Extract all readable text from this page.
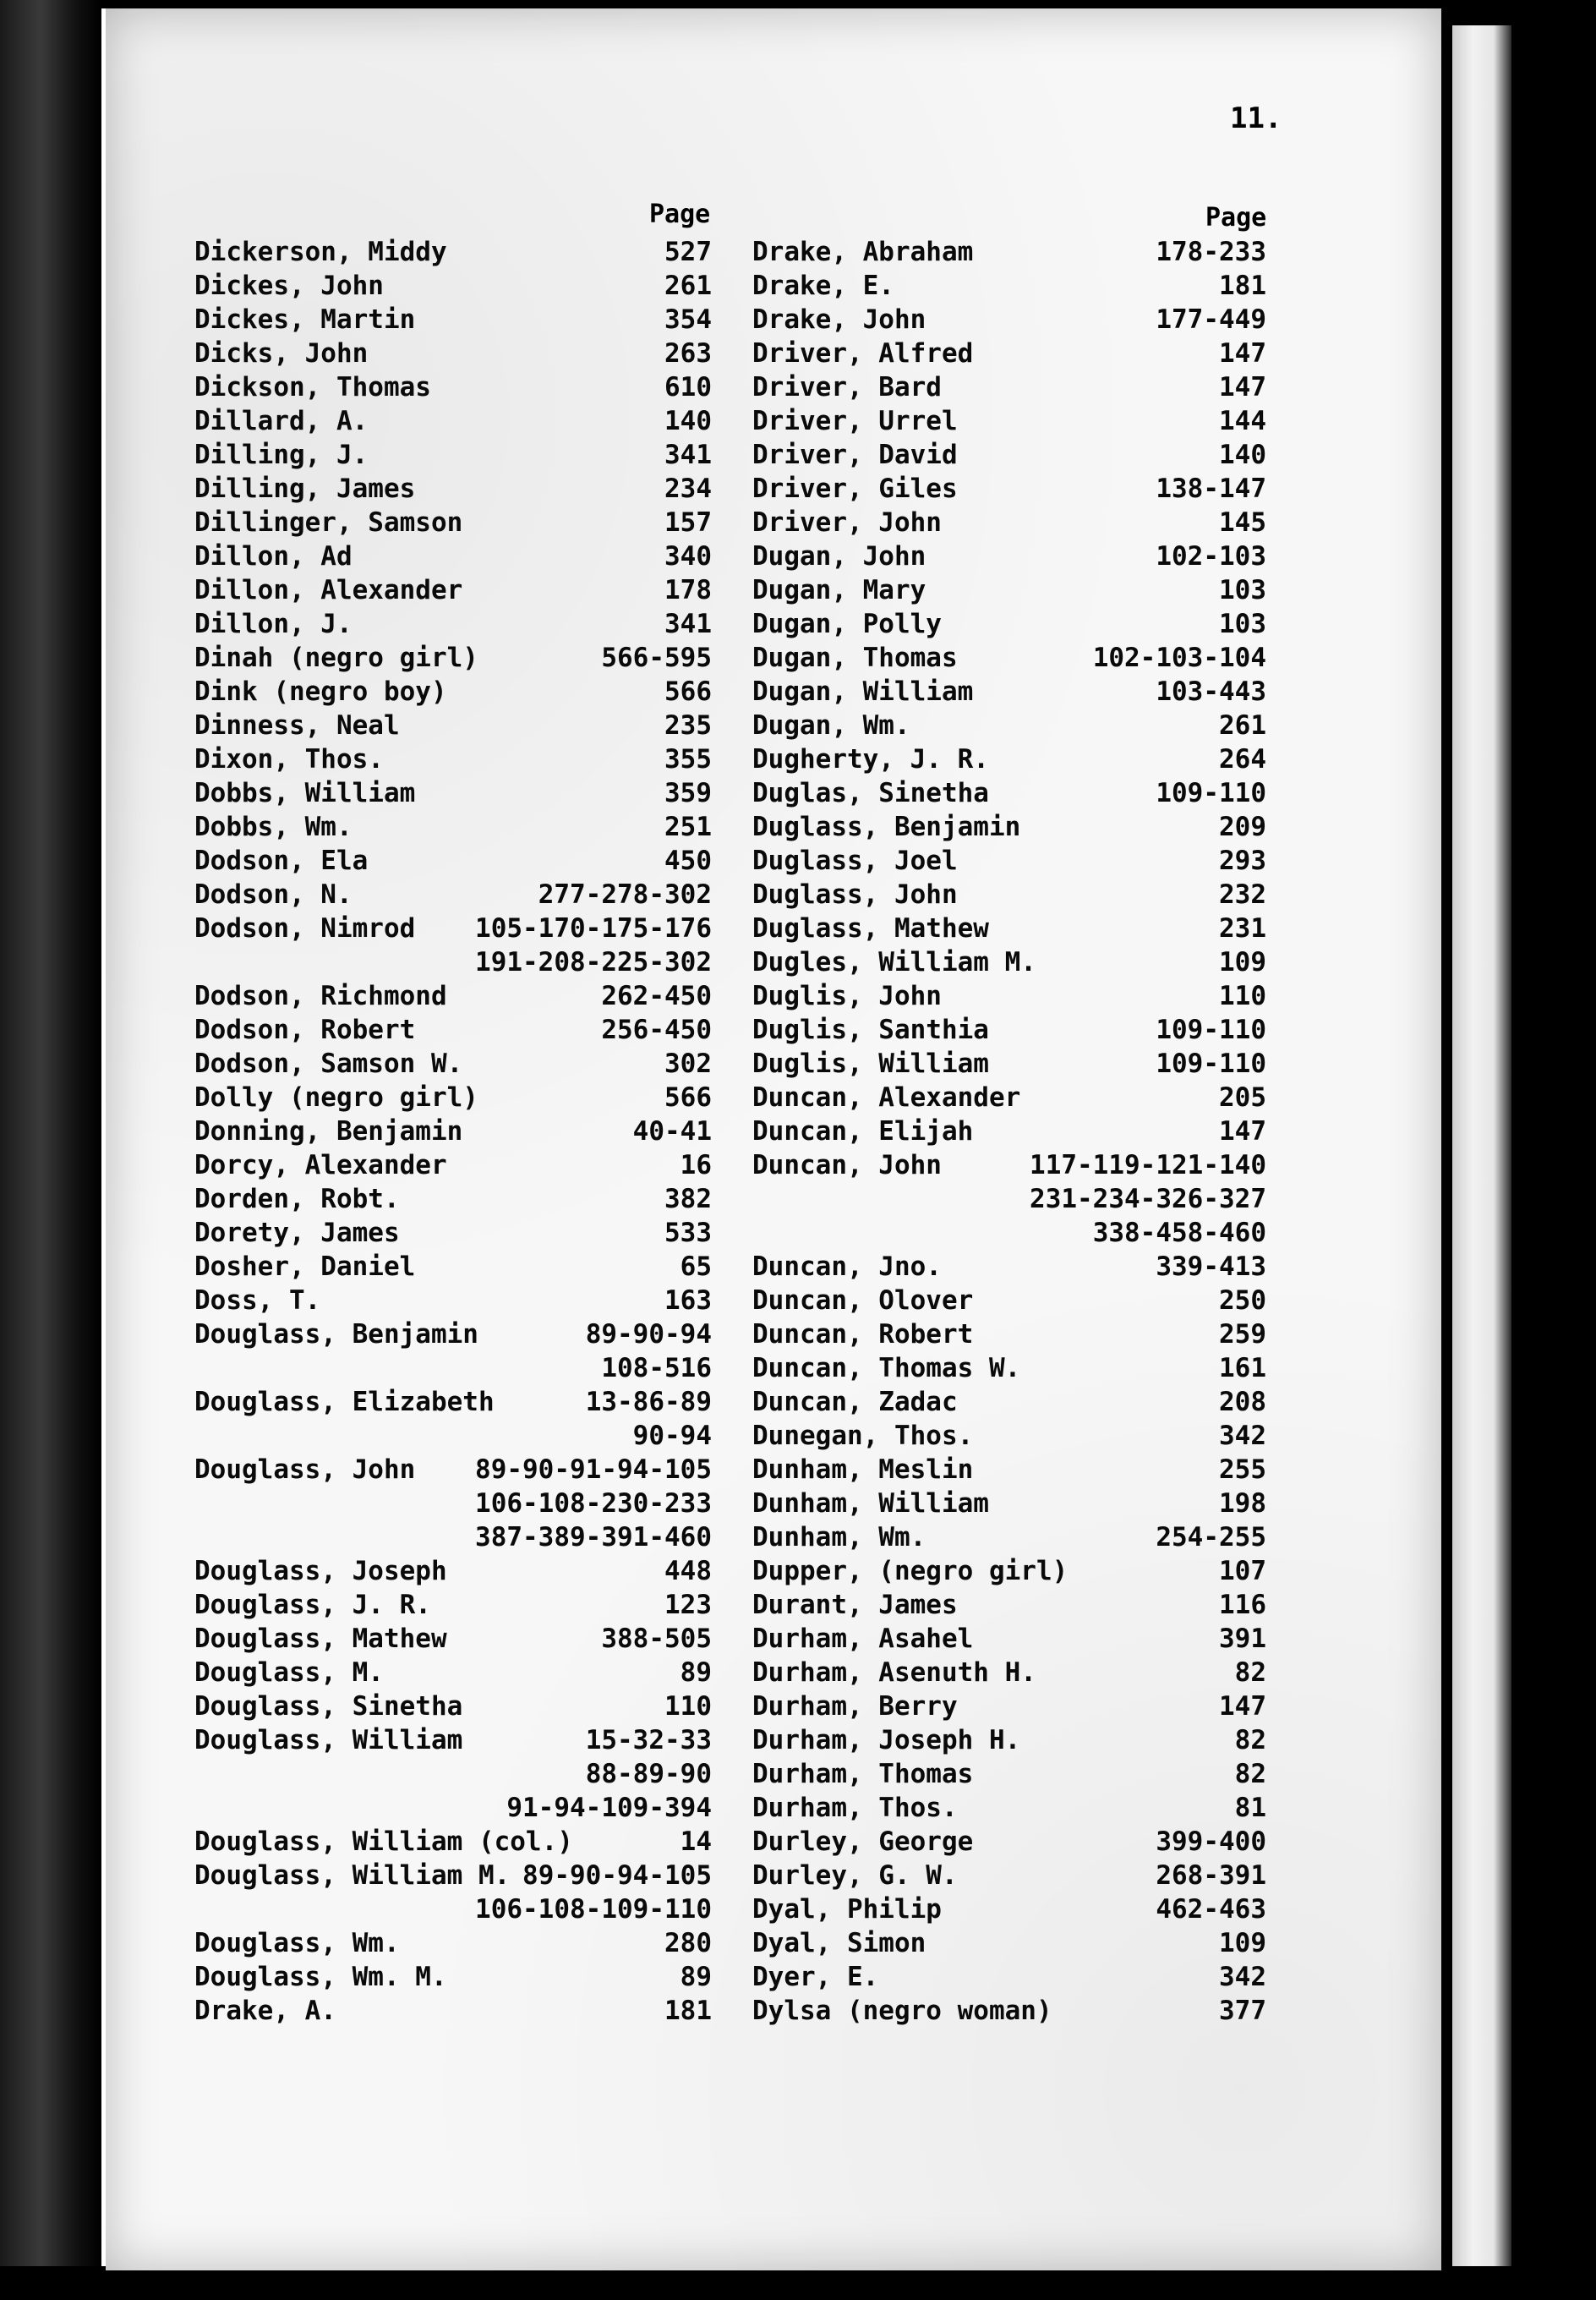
11.
Page	Page
Dickerson, Middy	527
Dickes, John	261
Dickes, Martin	354
Dicks, John	263
Dickson, Thomas	610
Dillard, A.	140
Dilling, J.	341
Dilling, James	234
Dillinger, Samson	157
Dillon, Ad	340
Dillon, Alexander	178
Dillon, J.	341
Dinah (negro girl)	566-595
Dink (negro boy)	566
Dinness, Neal	235
Dixon, Thos.	355
Dobbs, William	359
Dobbs, Wm.	251
Dodson, Ela	450
Dodson, N.	277-278-302
Dodson, Nimrod 105-170-175-176
191-208-225-302
Dodson, Richmond	262-450
Dodson, Robert	256-450
Dodson, Samson W.	302
Dolly (negro girl)	566
Donning, Benjamin	40-41
Dorcy, Alexander	16
Dorden, Robt.	382
Dorety, James	533
Dosher, Daniel	65
Doss, T.	163
Douglass, Benjamin	89-90-94
108-516
Douglass, Elizabeth	13-86-89
90-94
Douglass, John 89-90-91-94-105
106-108-230-233
387-389-391-460
Douglass, Joseph	448
Douglass, J. R.	123
Douglass, Mathew	388-505
Douglass, M.	89
Douglass, Sinetha	110
Douglass, William	15-32-33
88-89-90
91-94-109-394
Douglass, William (col.)	14
Douglass, William M. 89-90-94-105
106-108-109-110
Douglass, Wm.	280
Douglass, Wm. M.	89
Drake, A.	181
Drake, Abraham	178-233
Drake, E.	181
Drake, John	177-449
Driver, Alfred	147
Driver, Bard	147
Driver, Urrel	144
Driver, David	140
Driver, Giles	138-147
Driver, John	145
Dugan, John	102-103
Dugan, Mary	103
Dugan, Polly	103
Dugan, Thomas	102-103-104
Dugan, William	103-443
Dugan, Wm.	261
Dugherty, J. R.	264
Duglas, Sinetha	109-110
Duglass, Benjamin	209
Duglass, Joel	293
Duglass, John	232
Duglass, Mathew	231
Dugles, William M.	109
Duglis, John	110
Duglis, Santhia	109-110
Duglis, William	109-110
Duncan, Alexander	205
Duncan, Elijah	147
Duncan, John	117-119-121-140
231-234-326-327
338-458-460
Duncan, Jno.	339-413
Duncan, Olover	250
Duncan, Robert	259
Duncan, Thomas W.	161
Duncan, Zadac	208
Dunegan, Thos.	342
Dunham, Meslin	255
Dunham, William	198
Dunham, Wm.	254-255
Dupper, (negro girl)	107
Durant, James	116
Durham, Asahel	391
Durham, Asenuth H.	82
Durham, Berry	147
Durham, Joseph H.	82
Durham, Thomas	82
Durham, Thos.	81
Durley, George	399-400
Durley, G. W.	268-391
Dyal, Philip	462-463
Dyal, Simon	109
Dyer, E.	342
Dylsa (negro woman)	377
